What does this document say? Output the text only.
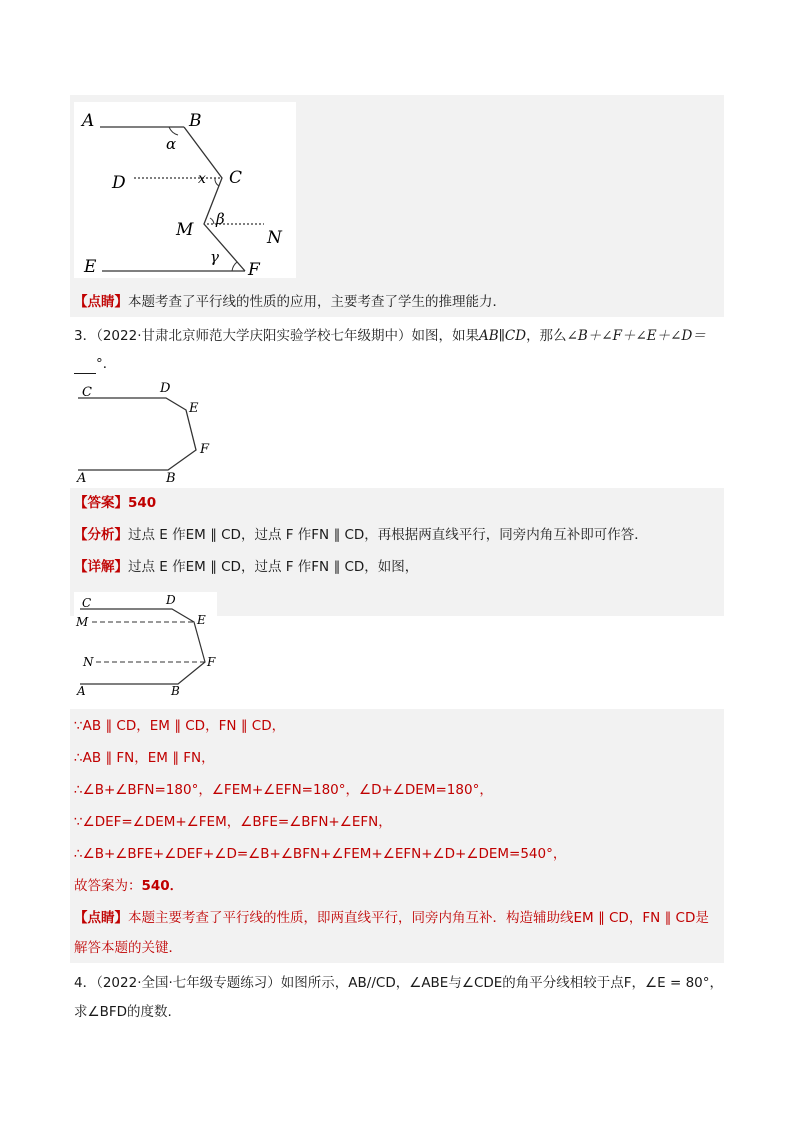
A	B
α
D	x C
M
β
N
γ
E	F
【点睛】本题考查了平行线的性质的应用，主要考查了学生的推理能力．
3．（2022·甘肃北京师范大学庆阳实验学校七年级期中）如图，如果AB∥CD，那么∠B＋∠F＋∠E＋∠D＝
°．
C	D
E
F
A	B
【答案】540
【分析】过点 E 作EM ∥ CD，过点 F 作FN ∥ CD，再根据两直线平行，同旁内角互补即可作答．
【详解】过点 E 作EM ∥ CD，过点 F 作FN ∥ CD，如图，
C	D
M	E
N	F
A	B
∵AB ∥ CD，EM ∥ CD，FN ∥ CD，
∴AB ∥ FN，EM ∥ FN，
∴∠B+∠BFN=180°，∠FEM+∠EFN=180°，∠D+∠DEM=180°，
∵∠DEF=∠DEM+∠FEM，∠BFE=∠BFN+∠EFN，
∴∠B+∠BFE+∠DEF+∠D=∠B+∠BFN+∠FEM+∠EFN+∠D+∠DEM=540°，
故答案为：540．
【点睛】本题主要考查了平行线的性质，即两直线平行，同旁内角互补．构造辅助线EM ∥ CD，FN ∥ CD是
解答本题的关键．
4．（2022·全国·七年级专题练习）如图所示，AB//CD，∠ABE与∠CDE的角平分线相较于点F，∠E = 80°，
求∠BFD的度数.
